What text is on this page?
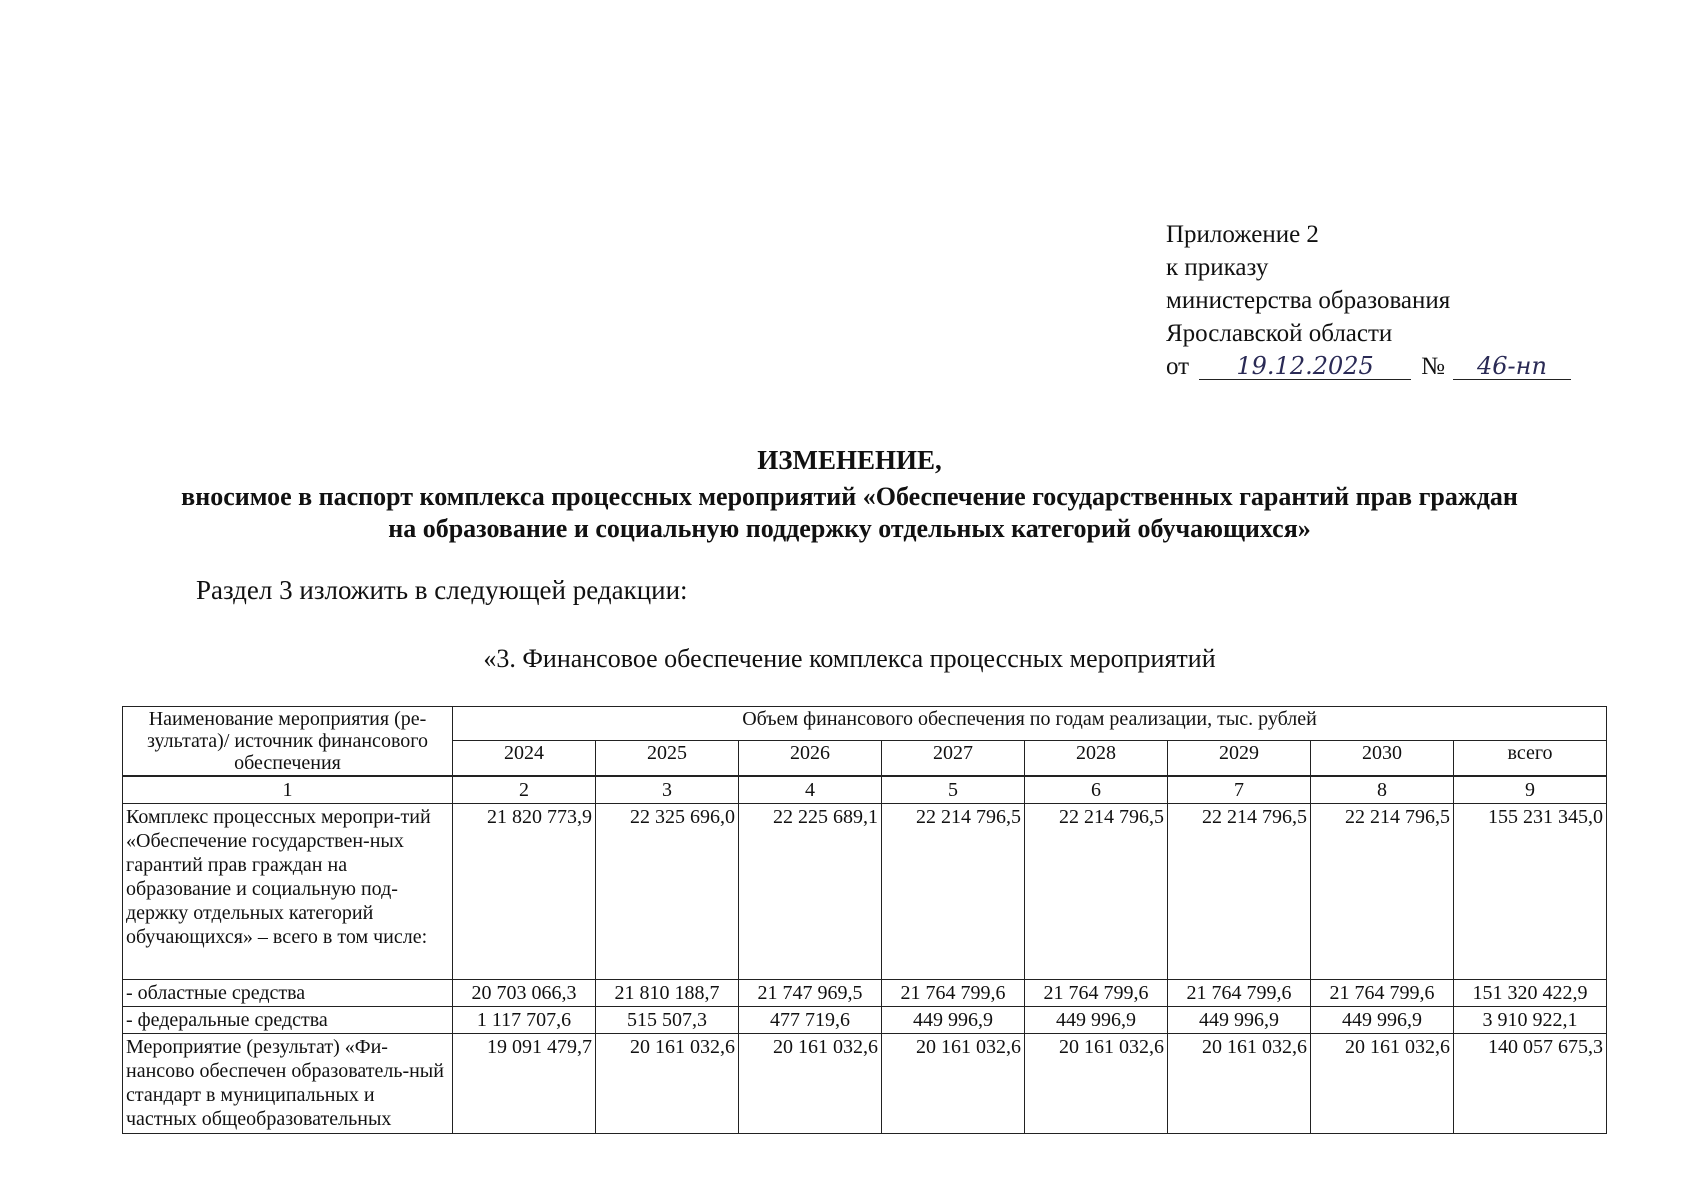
Приложение 2
к приказу
министерства образования
Ярославской области
от 19.12.2025 № 46-нп
ИЗМЕНЕНИЕ,
вносимое в паспорт комплекса процессных мероприятий «Обеспечение государственных гарантий прав граждан
на образование и социальную поддержку отдельных категорий обучающихся»
Раздел 3 изложить в следующей редакции:
«3. Финансовое обеспечение комплекса процессных мероприятий
Наименование мероприятия (ре-зультата)/ источник финансового обеспечения	Объем финансового обеспечения по годам реализации, тыс. рублей							
	2024	2025	2026	2027	2028	2029	2030	всего
1	2	3	4	5	6	7	8	9
Комплекс процессных меропри-тий «Обеспечение государствен-ных гарантий прав граждан на образование и социальную под-держку отдельных категорий обучающихся» – всего в том числе:	21 820 773,9	22 325 696,0	22 225 689,1	22 214 796,5	22 214 796,5	22 214 796,5	22 214 796,5	155 231 345,0
- областные средства	20 703 066,3	21 810 188,7	21 747 969,5	21 764 799,6	21 764 799,6	21 764 799,6	21 764 799,6	151 320 422,9
- федеральные средства	1 117 707,6	515 507,3	477 719,6	449 996,9	449 996,9	449 996,9	449 996,9	3 910 922,1
Мероприятие (результат) «Фи-нансово обеспечен образователь-ный стандарт в муниципальных и частных общеобразовательных	19 091 479,7	20 161 032,6	20 161 032,6	20 161 032,6	20 161 032,6	20 161 032,6	20 161 032,6	140 057 675,3
